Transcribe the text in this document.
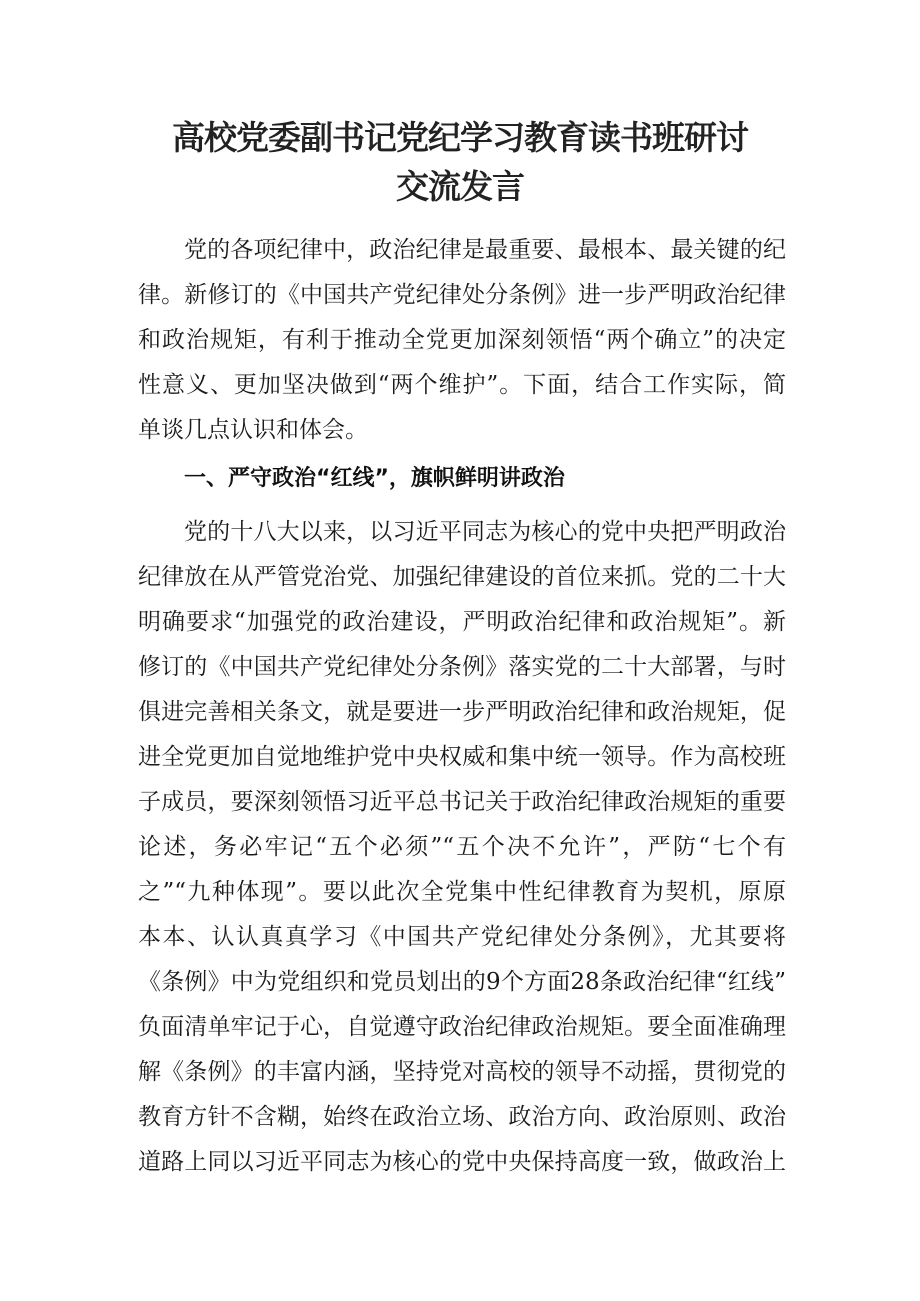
高校党委副书记党纪学习教育读书班研讨
交流发言
党的各项纪律中，政治纪律是最重要、最根本、最关键的纪
律。新修订的《中国共产党纪律处分条例》进一步严明政治纪律
和政治规矩，有利于推动全党更加深刻领悟“两个确立”的决定
性意义、更加坚决做到“两个维护”。下面，结合工作实际，简
单谈几点认识和体会。
一、严守政治“红线”，旗帜鲜明讲政治
党的十八大以来，以习近平同志为核心的党中央把严明政治
纪律放在从严管党治党、加强纪律建设的首位来抓。党的二十大
明确要求“加强党的政治建设，严明政治纪律和政治规矩”。新
修订的《中国共产党纪律处分条例》落实党的二十大部署，与时
俱进完善相关条文，就是要进一步严明政治纪律和政治规矩，促
进全党更加自觉地维护党中央权威和集中统一领导。作为高校班
子成员，要深刻领悟习近平总书记关于政治纪律政治规矩的重要
论述，务必牢记“五个必须”“五个决不允许”，严防“七个有
之”“九种体现”。要以此次全党集中性纪律教育为契机，原原
本本、认认真真学习《中国共产党纪律处分条例》，尤其要将
《条例》中为党组织和党员划出的9个方面28条政治纪律“红线”
负面清单牢记于心，自觉遵守政治纪律政治规矩。要全面准确理
解《条例》的丰富内涵，坚持党对高校的领导不动摇，贯彻党的
教育方针不含糊，始终在政治立场、政治方向、政治原则、政治
道路上同以习近平同志为核心的党中央保持高度一致，做政治上
